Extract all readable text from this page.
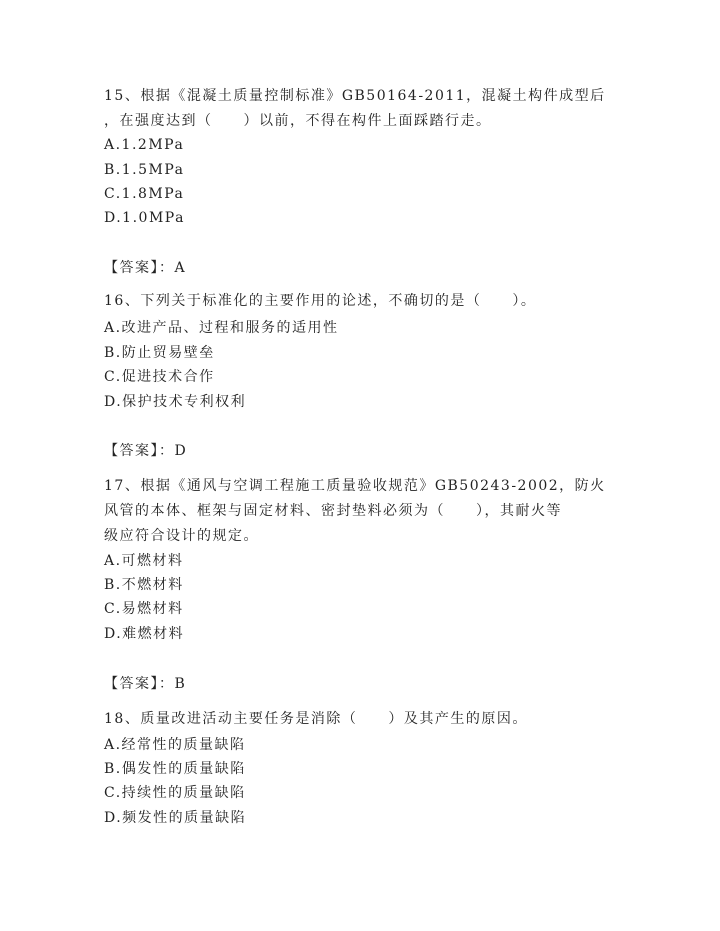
15、根据《混凝土质量控制标准》GB50164-2011，混凝土构件成型后
，在强度达到（　　）以前，不得在构件上面踩踏行走。
A.1.2MPa
B.1.5MPa
C.1.8MPa
D.1.0MPa
【答案】：A
16、下列关于标准化的主要作用的论述，不确切的是（　　）。
A.改进产品、过程和服务的适用性
B.防止贸易壁垒
C.促进技术合作
D.保护技术专利权利
【答案】：D
17、根据《通风与空调工程施工质量验收规范》GB50243-2002，防火
风管的本体、框架与固定材料、密封垫料必须为（　　），其耐火等
级应符合设计的规定。
A.可燃材料
B.不燃材料
C.易燃材料
D.难燃材料
【答案】：B
18、质量改进活动主要任务是消除（　　）及其产生的原因。
A.经常性的质量缺陷
B.偶发性的质量缺陷
C.持续性的质量缺陷
D.频发性的质量缺陷
